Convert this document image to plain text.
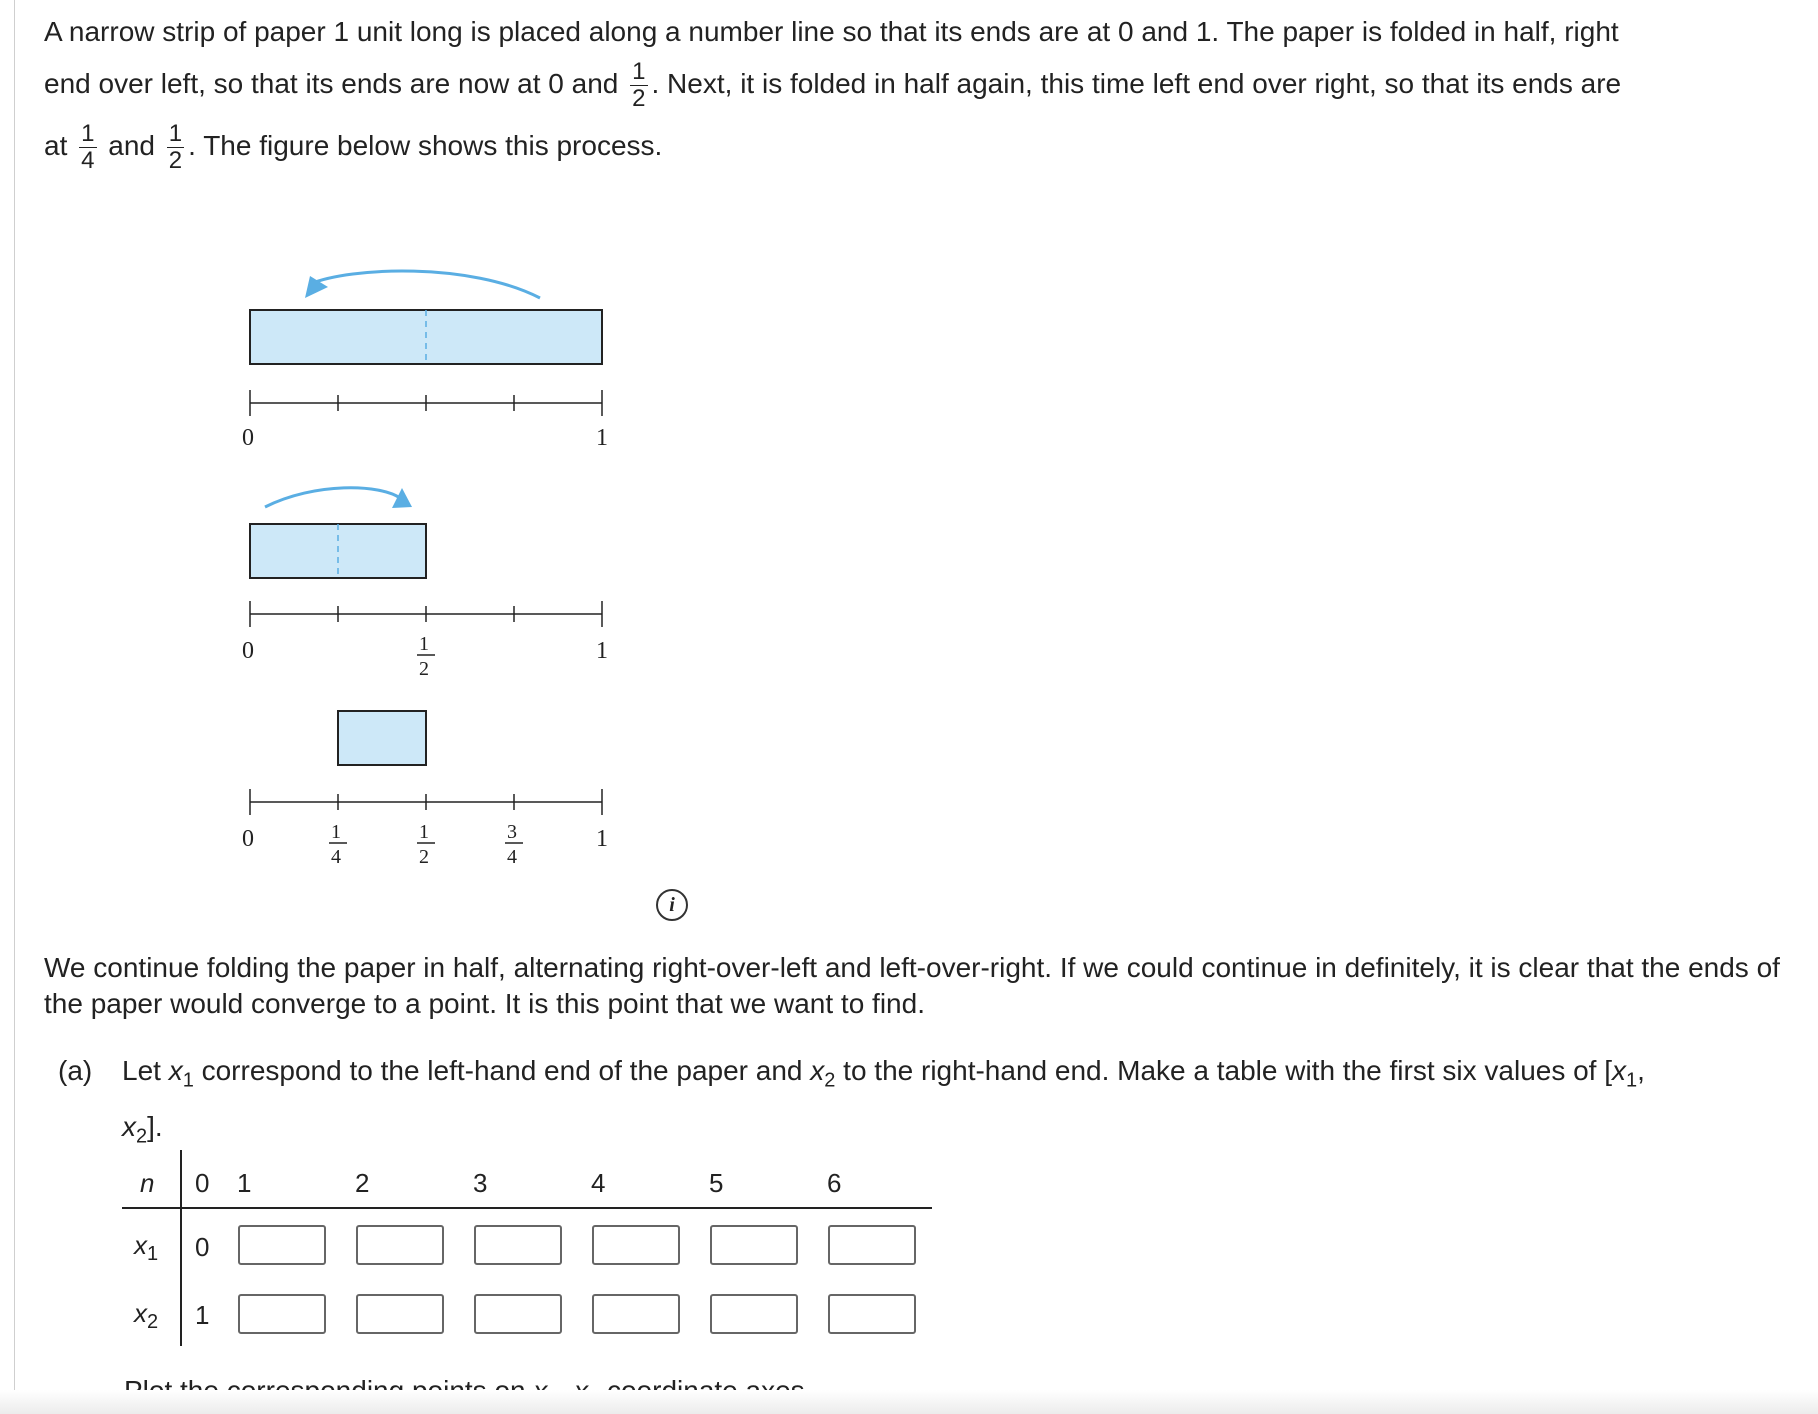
A narrow strip of paper 1 unit long is placed along a number line so that its ends are at 0 and 1. The paper is folded in half, right

end over left, so that its ends are now at 0 and $\frac{1}{2}$ . Next, it is folded in half again, this time left end over right, so that its ends are

at $\frac{1}{4}$ and $\frac{1}{2}$ . The figure below shows this process.

0	1
0	1
2
1
0	1
4
1
2
3
4
1
i
We continue folding the paper in half, alternating right-over-left and left-over-right. If we could continue in definitely, it is clear that the ends of the paper would converge to a point. It is this point that we want to find.
(a) Let $x_1$ correspond to the left-hand end of the paper and $x_2$ to the right-hand end. Make a table with the first six values of [$x_1$,
$x_2$].
n 0 1	2	3	4	5	6
$x_1$ 0
$x_2$ 1
